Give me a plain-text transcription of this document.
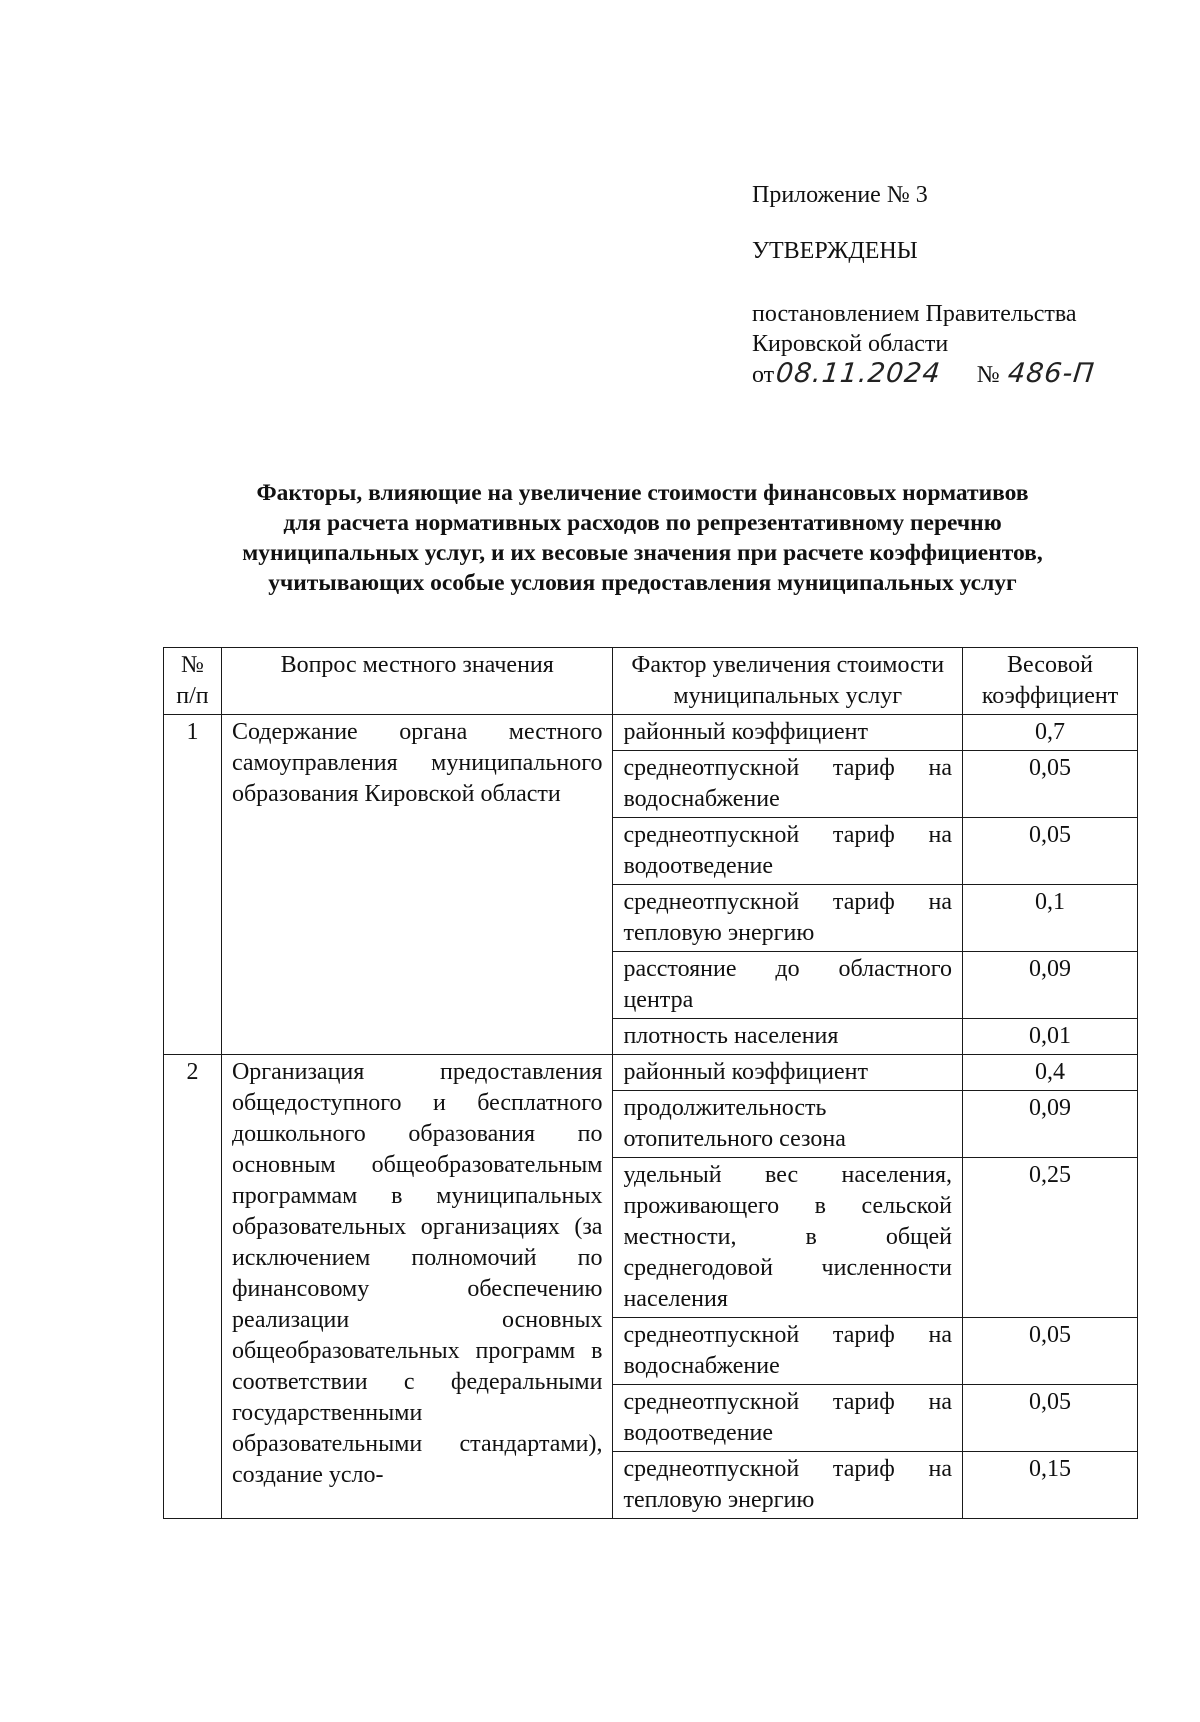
Приложение № 3
УТВЕРЖДЕНЫ
постановлением Правительства
Кировской области
от08.11.2024 № 486-П
Факторы, влияющие на увеличение стоимости финансовых нормативов
для расчета нормативных расходов по репрезентативному перечню
муниципальных услуг, и их весовые значения при расчете коэффициентов,
учитывающих особые условия предоставления муниципальных услуг
№ п/п	Вопрос местного значения	Фактор увеличения стоимости муниципальных услуг	Весовой коэффициент
1	Содержание органа местного самоуправления муниципального образования Кировской области	районный коэффициент	0,7
		среднеотпускной тариф на водоснабжение	0,05
		среднеотпускной тариф на водоотведение	0,05
		среднеотпускной тариф на тепловую энергию	0,1
		расстояние до областного центра	0,09
		плотность населения	0,01
2	Организация предоставления общедоступного и бесплатного дошкольного образования по основным общеобразовательным программам в муниципальных образовательных организациях (за исключением полномочий по финансовому обеспечению реализации основных общеобразовательных программ в соответствии с федеральными государственными образовательными стандартами), создание усло-	районный коэффициент	0,4
		продолжительность отопительного сезона	0,09
		удельный вес населения, проживающего в сельской местности, в общей среднегодовой численности населения	0,25
		среднеотпускной тариф на водоснабжение	0,05
		среднеотпускной тариф на водоотведение	0,05
		среднеотпускной тариф на тепловую энергию	0,15
